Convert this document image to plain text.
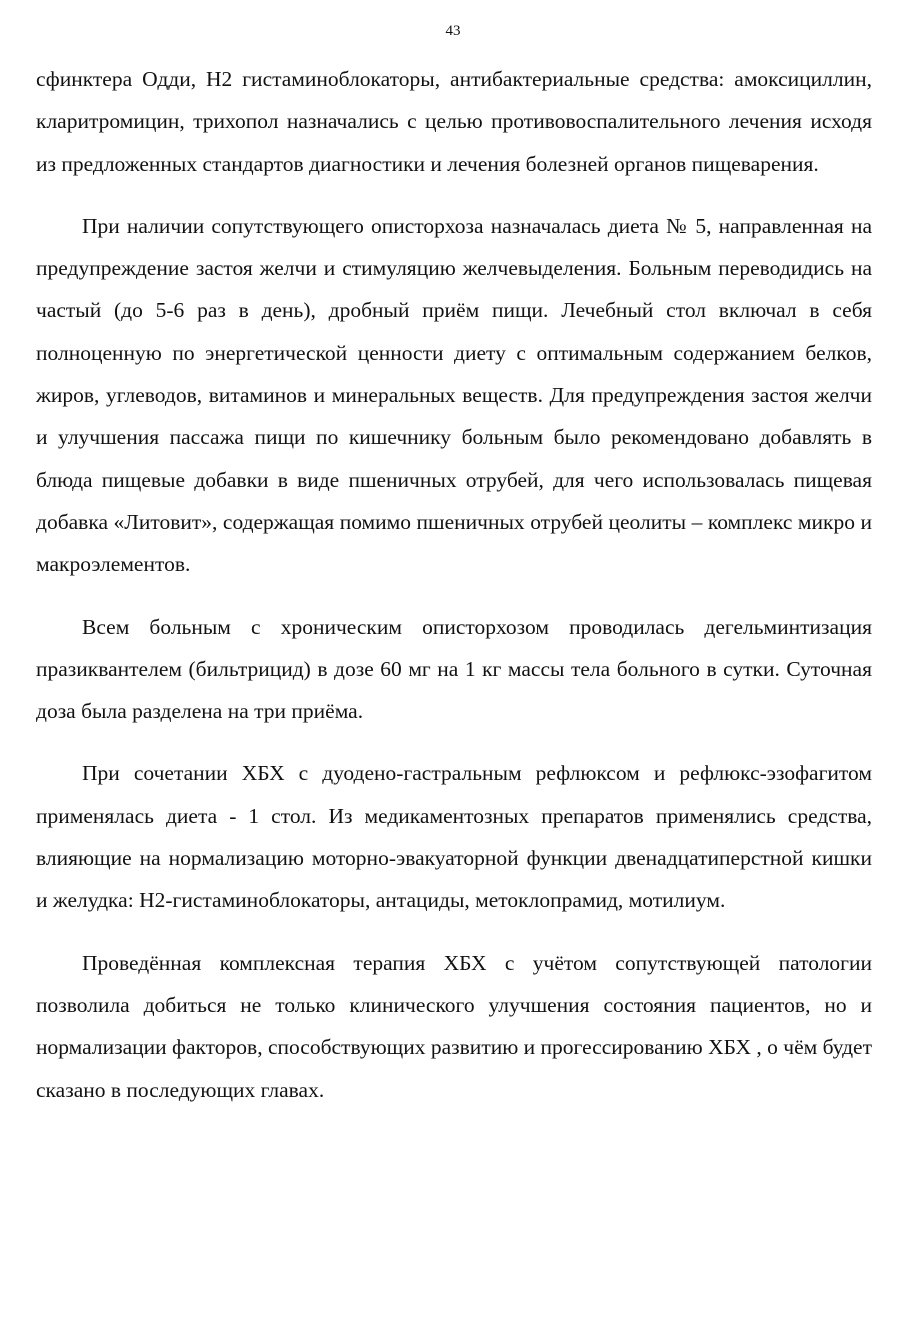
43

сфинктера Одди, Н2 гистаминоблокаторы, антибактериальные средства: амоксициллин, кларитромицин, трихопол назначались с целью противовоспалительного лечения исходя из предложенных стандартов диагностики и лечения болезней органов пищеварения.

При наличии сопутствующего описторхоза назначалась диета № 5, направленная на предупреждение застоя желчи и стимуляцию желчевыделения. Больным переводидись на частый (до 5-6 раз в день), дробный приём пищи. Лечебный стол включал в себя полноценную по энергетической ценности диету с оптимальным содержанием белков, жиров, углеводов, витаминов и минеральных веществ. Для предупреждения застоя желчи и улучшения пассажа пищи по кишечнику больным было рекомендовано добавлять в блюда пищевые добавки в виде пшеничных отрубей, для чего использовалась пищевая добавка «Литовит», содержащая помимо пшеничных отрубей цеолиты – комплекс микро и макроэлементов.

Всем больным с хроническим описторхозом проводилась дегельминтизация празиквантелем (бильтрицид) в дозе 60 мг на 1 кг массы тела больного в сутки. Суточная доза была разделена на три приёма.

При сочетании ХБХ с дуодено-гастральным рефлюксом и рефлюкс-эзофагитом применялась диета - 1 стол. Из медикаментозных препаратов применялись средства, влияющие на нормализацию моторно-эвакуаторной функции двенадцатиперстной кишки и желудка: Н2-гистаминоблокаторы, антациды, метоклопрамид, мотилиум.

Проведённая комплексная терапия ХБХ с учётом сопутствующей патологии позволила добиться не только клинического улучшения состояния пациентов, но и нормализации факторов, способствующих развитию и прогессированию ХБХ , о чём будет сказано в последующих главах.
